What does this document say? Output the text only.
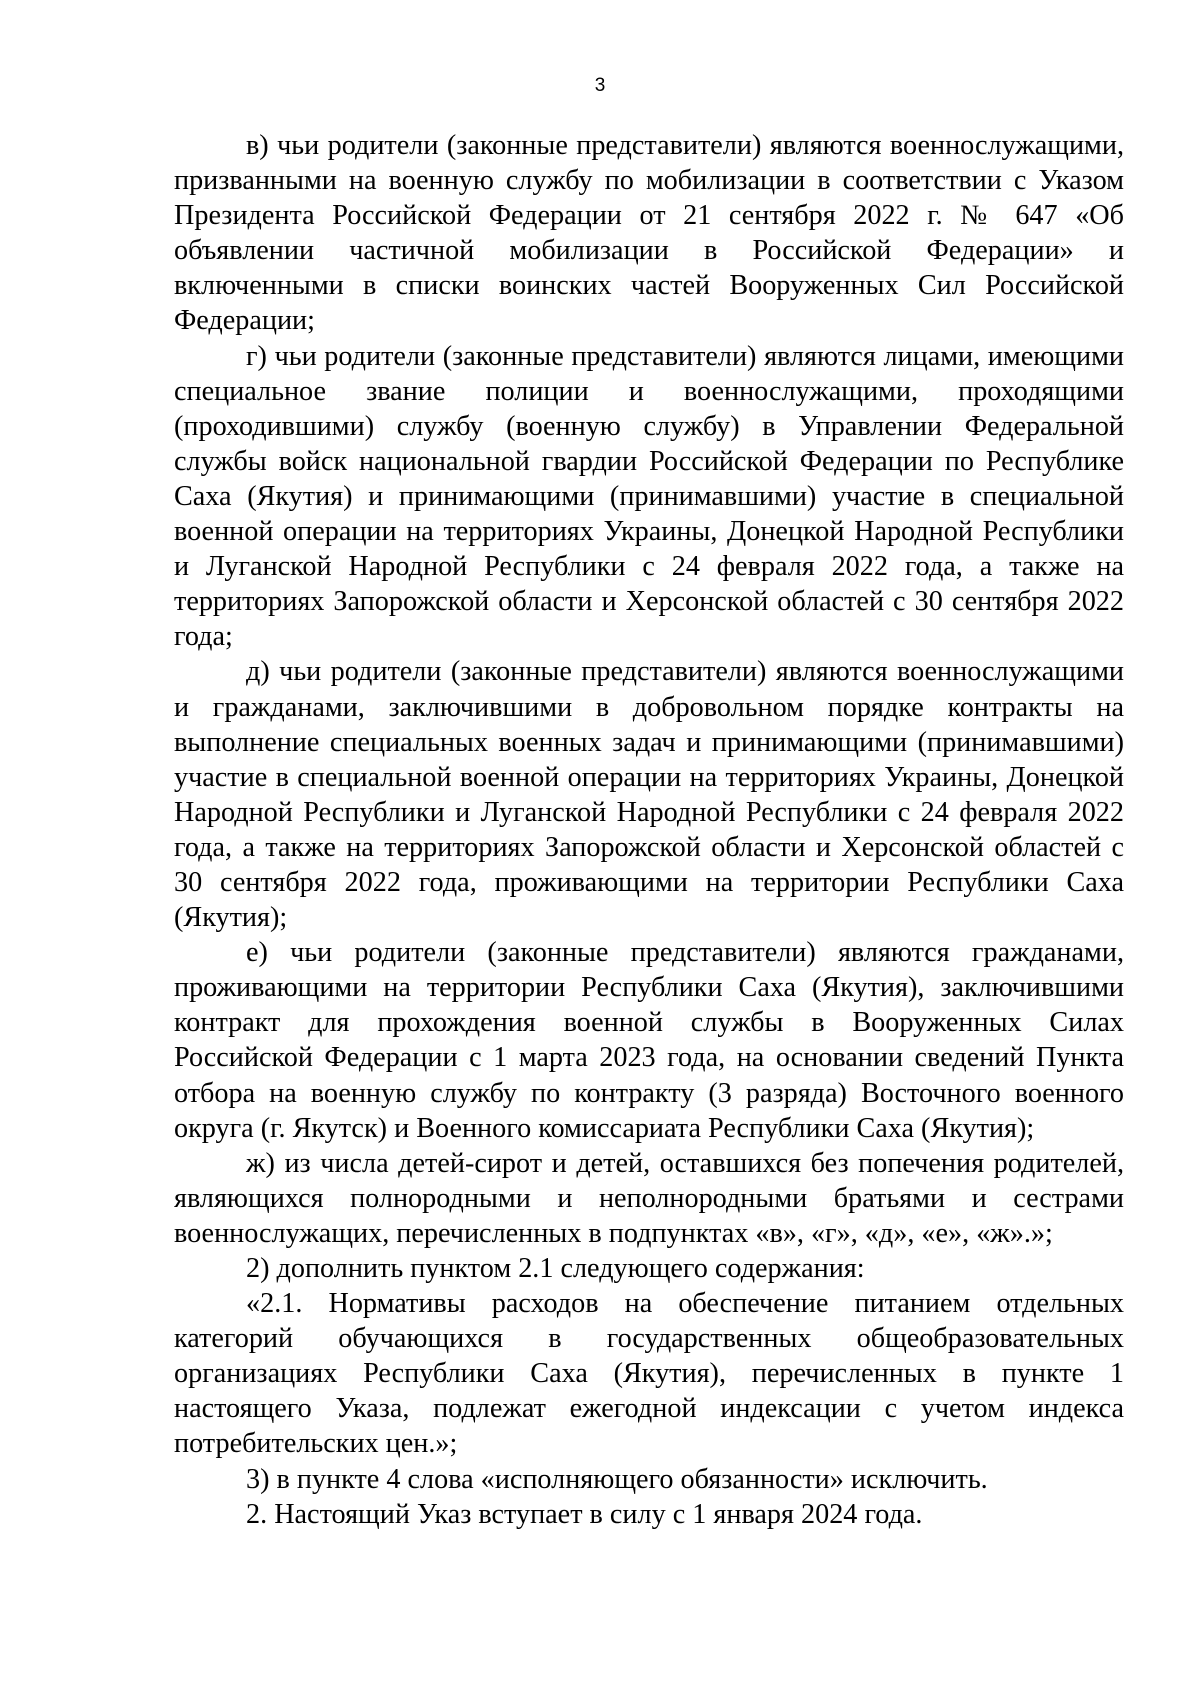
3

в) чьи родители (законные представители) являются военнослужащими, призванными на военную службу по мобилизации в соответствии с Указом Президента Российской Федерации от 21 сентября 2022 г. № 647 «Об объявлении частичной мобилизации в Российской Федерации» и включенными в списки воинских частей Вооруженных Сил Российской Федерации;

г) чьи родители (законные представители) являются лицами, имеющими специальное звание полиции и военнослужащими, проходящими (проходившими) службу (военную службу) в Управлении Федеральной службы войск национальной гвардии Российской Федерации по Республике Саха (Якутия) и принимающими (принимавшими) участие в специальной военной операции на территориях Украины, Донецкой Народной Республики и Луганской Народной Республики с 24 февраля 2022 года, а также на территориях Запорожской области и Херсонской областей с 30 сентября 2022 года;

д) чьи родители (законные представители) являются военнослужащими и гражданами, заключившими в добровольном порядке контракты на выполнение специальных военных задач и принимающими (принимавшими) участие в специальной военной операции на территориях Украины, Донецкой Народной Республики и Луганской Народной Республики с 24 февраля 2022 года, а также на территориях Запорожской области и Херсонской областей с 30 сентября 2022 года, проживающими на территории Республики Саха (Якутия);

е) чьи родители (законные представители) являются гражданами, проживающими на территории Республики Саха (Якутия), заключившими контракт для прохождения военной службы в Вооруженных Силах Российской Федерации с 1 марта 2023 года, на основании сведений Пункта отбора на военную службу по контракту (3 разряда) Восточного военного округа (г. Якутск) и Военного комиссариата Республики Саха (Якутия);

ж) из числа детей-сирот и детей, оставшихся без попечения родителей, являющихся полнородными и неполнородными братьями и сестрами военнослужащих, перечисленных в подпунктах «в», «г», «д», «е», «ж».»;

2) дополнить пунктом 2.1 следующего содержания:

«2.1. Нормативы расходов на обеспечение питанием отдельных категорий обучающихся в государственных общеобразовательных организациях Республики Саха (Якутия), перечисленных в пункте 1 настоящего Указа, подлежат ежегодной индексации с учетом индекса потребительских цен.»;

3) в пункте 4 слова «исполняющего обязанности» исключить.

2. Настоящий Указ вступает в силу с 1 января 2024 года.
